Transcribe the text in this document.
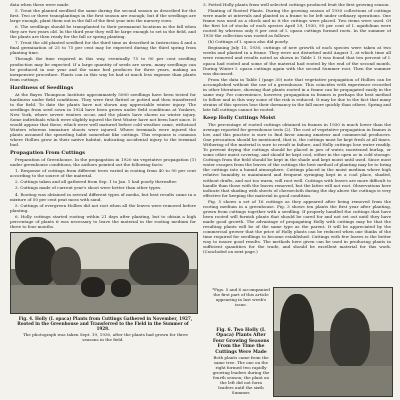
data when these were made.

5. Treat the planted seedbed the same during the second season as described for the first. Two or three transplantings in the first season are enough; but if the seedlings are large enough, plant them out in the fall of the first year into the nursery rows.

6. The seedlings should be transplanted to their permanent locations in the fall when they are two years old. In the third year they will be large enough to set in the field, and the plants are then ready for the fall or spring planting.

7. Treat the old planted seedbed for the third time as described in Instruction 4 and a final germination of 25 to 75 per cent may be expected during the third spring from planting time.

Through the time required in this way, eventually 75 to 90 per cent seedling production may be expected. If a large quantity of seeds are sown, many seedlings can be produced in one year and the same bed produces for three years, making an inexpensive procedure. Plants can in this way be had at much less expense than plants from cuttings.

Hardiness of Seedlings

At the Bayes Thompson Institute approximately 5000 seedlings have been tested for hardiness under field conditions. They were first flatted or potted and then transferred to the field. To date the plants have not shown any appreciable winter injury. The seedlings from seed sown in 1924 have been grown under field conditions at Yonkers, New York, where severe winters occur, and the plants have shown no winter injury. Some individuals which were slightly injured the first Winter have not been hurt since. It would appear that these, which were well matured before cold weather came, withstood Winters whereas immature shoots were injured. Where terminals were injured the plants assumed the sprawling habit somewhat like cuttings. This response is common where Hollies grow in their native habitat, indicating accidental injury to the terminal bud.

Propagation From Cuttings

Preparation of Greenhouse. In the propagation in 1920 six vegetative propagation (1) under greenhouse conditions, the authors pointed out the following facts:

1. Response of cuttings from different trees varied in rooting from 40 to 90 per cent according to the source of the material.

2. Cuttings taken and all gathered from Sep. 1 to Jan. 1 had poorly thereafter.

3. Cuttings made of current year's shoot were better than other types.

4. Rooting was obtained in several different types of media, but best results came in a mixture of 50 per cent peat moss with sand.

5. Cuttings of evergreen Hollies did not root when all the leaves were removed before planting.

6. Holly cuttings started rooting within 21 days after planting, but to obtain a high percentage of plants it was necessary to leave the material in the rooting medium for three to four months.

Fig. 4. Holly (I. opaca) Plants from Cuttings Gathered in November, 1927, Rooted in the Greenhouse and Transferred to the Field in the Summer of 1928.

The photograph was taken Sept. 19, 1930, after the plants had grown for three seasons in the field.

3. Potted Holly plants from well selected cuttings produced fruit the first growing season.

Planting of Rooted Plants. During the growing season of 1930 collections of cuttings were made at intervals and planted in a frame to be left under ordinary operations. One frame was used as a check and in it the cuttings were placed. Two items were used. Of the first lot of stocks of each species April 29, 1930, 95 per cent of I. aquifolium were rooted by whereas only 8 per cent of I. opaca cuttings formed roots. In the summer of 1930 the collection was rooted as follows:

(b) Cuttings of I. opaca also did poorly.

Beginning July 15, 1930, cuttings of new growth of each species were taken at two weeks and planted in a frame. They were not disturbed until August 1, at which time all were removed and results noted as shown in Table I. It was found that ten percent of I. opaca had rooted and some of the material had rooted by the end of the second month. During Winter I. opaca cuttings again with the second Summer root. Then the summer was discussed.

From the data in Table I (page 30) note that vegetative propagation of Hollies can be accomplished without the use of a greenhouse. This coincides with experience recorded in other literature, showing that plants rooted in a frame can be propagated easily in the same way. For convenience, however, propagation in frames is perhaps the best method to follow and in this way some of the risk is reduced. It may be due to the fact that many strains of this species lose their dormancy in the fall more quickly than others. Spring and late fall cuttings cannot be rooted.

Keep Holly Cuttings Moist

The percentage of rooted cuttings obtained in frames in 1930 is much lower than the average reported for greenhouse tests (2). The cost of vegetative propagation in frames is low, and this practice is sure to find favor among amateur and commercial producers. One precaution should be mentioned, that is, the cuttings must be kept fresh at all times. Withering of the material is sure to result in failure, and Holly cuttings lose water readily. To prevent drying the cuttings should be placed in jars of water, moistened burlap, or some other moist covering, and should be kept cool, either in the open or in cold storage. Cuttings from the field should be kept in the shade and kept moist until used. Since most water escapes from the leaves of the cuttings the best method of planting may be to bring the cuttings into a humid atmosphere. Cuttings placed in the moist medium where high relative humidity is maintained and frequent syringing kept in a cool place, shaded, without drafts, and not too warm, will root well. Cuttings with leaves are more difficult to handle than those with the leaves removed, but the latter will not root. Observations here indicate that shading with sheets of cheesecloth during the day above the cuttings is very effective for keeping the material in good condition.

Fig. 5 shows a set of 16 cuttings as they appeared after being removed from the rooting medium in a greenhouse. Fig. 3 shows ten plants the first year after planting, grown from cuttings together with a seedling. If properly handled the cuttings that have been rooted will furnish plants that should be cared for and not set out until they have made good growth. The advantage of propagating Holly with cuttings may be that the resulting plants will be of the same type as the parent. It will be appreciated by the commercial grower that the price of Holly plants can be reduced when one thinks of the time required for seedlings to become established. Cuttings with few leaves is the better way to insure good results. The methods here given can be used in producing plants in sufficient quantities for the trade, and should be excellent material for this work. (Concluded on next page.)

*Figs. 5 and 6 accompanied the first part of this article appearing in last week's issue.
Fig. 6. Two Holly (I. Opaca) Plants After Four Growing Seasons From the Time the Cuttings Were Made
Both plants came from the same tree. The one on the right formed two rapidly growing leaders during the fourth season; the plant on the left did not form leaders until the sixth Summer.
